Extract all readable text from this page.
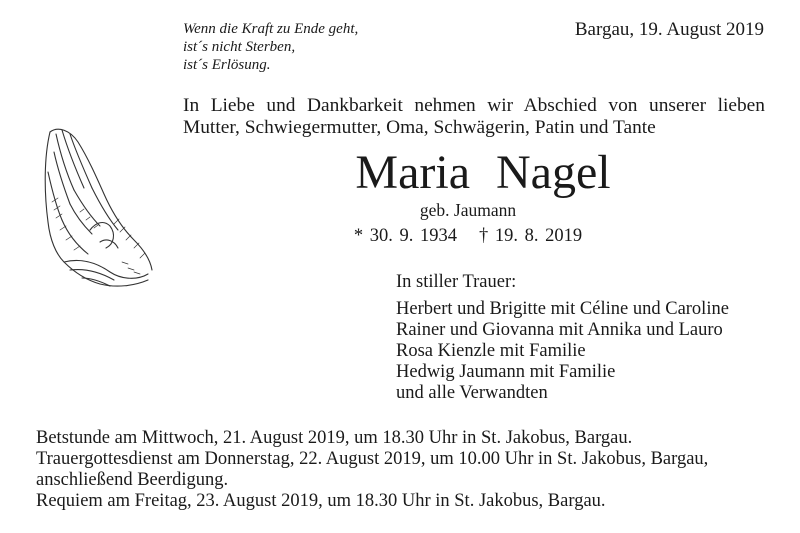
Wenn die Kraft zu Ende geht,
ist´s nicht Sterben,
ist´s Erlösung.
Bargau, 19. August 2019
In Liebe und Dankbarkeit nehmen wir Abschied von unserer lieben
Mutter, Schwiegermutter, Oma, Schwägerin, Patin und Tante
Maria Nagel
geb. Jaumann
* 30. 9. 1934 † 19. 8. 2019
In stiller Trauer:
Herbert und Brigitte mit Céline und Caroline
Rainer und Giovanna mit Annika und Lauro
Rosa Kienzle mit Familie
Hedwig Jaumann mit Familie
und alle Verwandten
Betstunde am Mittwoch, 21. August 2019, um 18.30 Uhr in St. Jakobus, Bargau.
Trauergottesdienst am Donnerstag, 22. August 2019, um 10.00 Uhr in St. Jakobus, Bargau,
anschließend Beerdigung.
Requiem am Freitag, 23. August 2019, um 18.30 Uhr in St. Jakobus, Bargau.
